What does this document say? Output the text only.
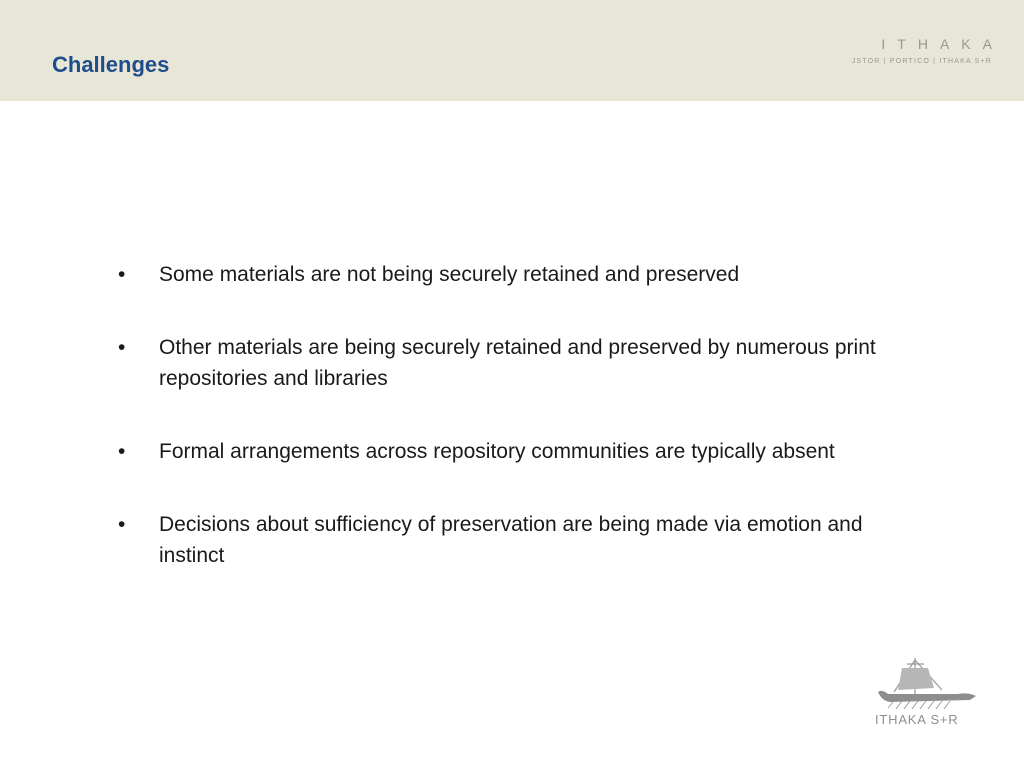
Challenges
ITHAKA
JSTOR | PORTICO | ITHAKA S+R
• Some materials are not being securely retained and preserved
• Other materials are being securely retained and preserved by numerous print repositories and libraries
• Formal arrangements across repository communities are typically absent
• Decisions about sufficiency of preservation are being made via emotion and instinct
ITHAKA S+R
